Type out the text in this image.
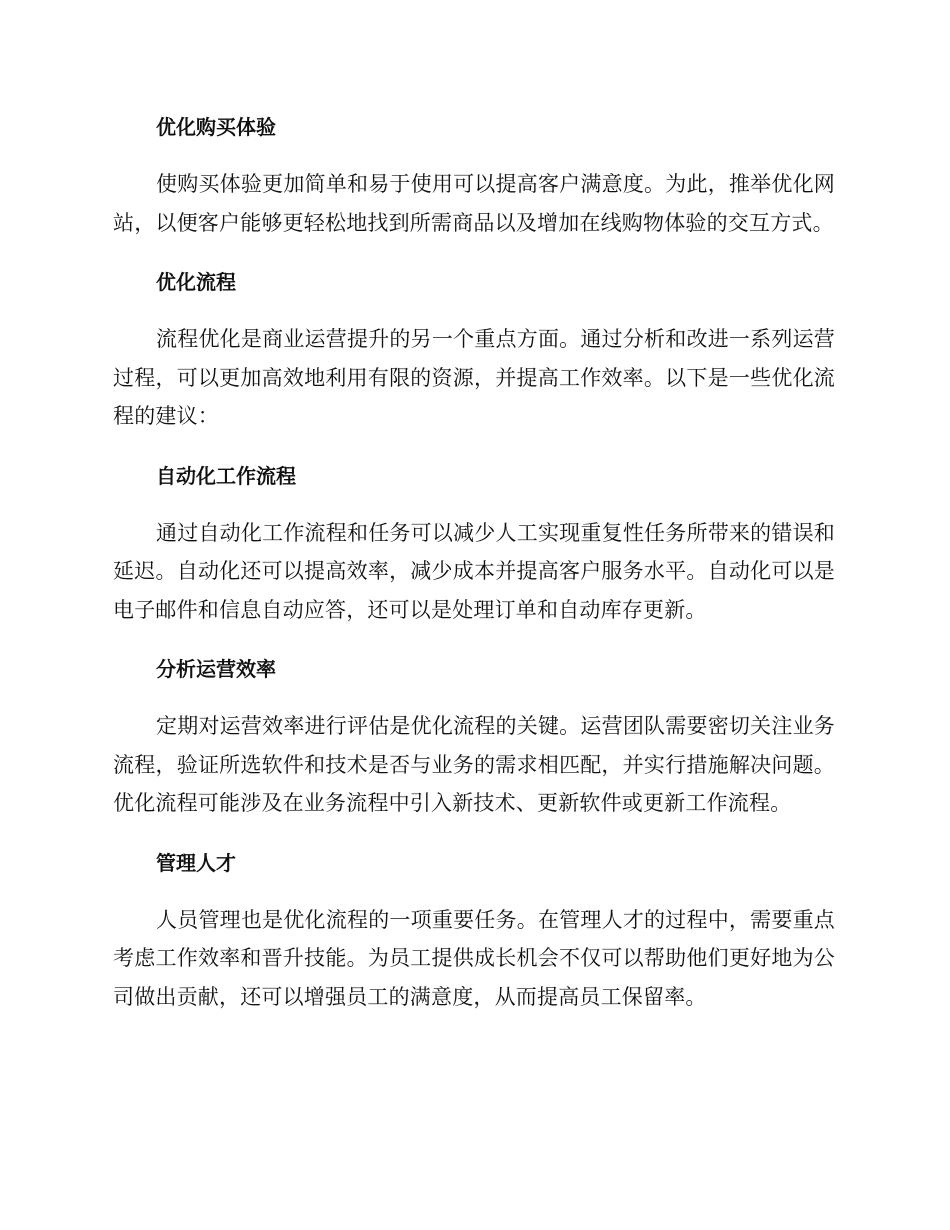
优化购买体验

使购买体验更加简单和易于使用可以提高客户满意度。为此，推举优化网站，以便客户能够更轻松地找到所需商品以及增加在线购物体验的交互方式。

优化流程

流程优化是商业运营提升的另一个重点方面。通过分析和改进一系列运营过程，可以更加高效地利用有限的资源，并提高工作效率。以下是一些优化流程的建议：

自动化工作流程

通过自动化工作流程和任务可以减少人工实现重复性任务所带来的错误和延迟。自动化还可以提高效率，减少成本并提高客户服务水平。自动化可以是电子邮件和信息自动应答，还可以是处理订单和自动库存更新。

分析运营效率

定期对运营效率进行评估是优化流程的关键。运营团队需要密切关注业务流程，验证所选软件和技术是否与业务的需求相匹配，并实行措施解决问题。优化流程可能涉及在业务流程中引入新技术、更新软件或更新工作流程。

管理人才

人员管理也是优化流程的一项重要任务。在管理人才的过程中，需要重点考虑工作效率和晋升技能。为员工提供成长机会不仅可以帮助他们更好地为公司做出贡献，还可以增强员工的满意度，从而提高员工保留率。
